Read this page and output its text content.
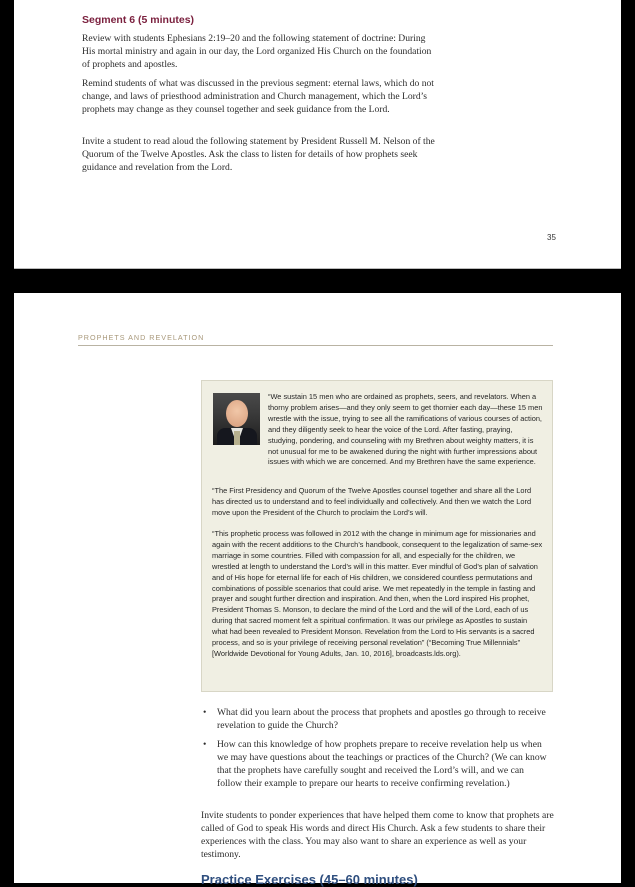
Segment 6 (5 minutes)

Review with students Ephesians 2:19–20 and the following statement of doctrine: During His mortal ministry and again in our day, the Lord organized His Church on the foundation of prophets and apostles.

Remind students of what was discussed in the previous segment: eternal laws, which do not change, and laws of priesthood administration and Church management, which the Lord’s prophets may change as they counsel together and seek guidance from the Lord.

Invite a student to read aloud the following statement by President Russell M. Nelson of the Quorum of the Twelve Apostles. Ask the class to listen for details of how prophets seek guidance and revelation from the Lord.

35
PROPHETS AND REVELATION

“We sustain 15 men who are ordained as prophets, seers, and revelators. When a thorny problem arises—and they only seem to get thornier each day—these 15 men wrestle with the issue, trying to see all the ramifications of various courses of action, and they diligently seek to hear the voice of the Lord. After fasting, praying, studying, pondering, and counseling with my Brethren about weighty matters, it is not unusual for me to be awakened during the night with further impressions about issues with which we are concerned. And my Brethren have the same experience.

“The First Presidency and Quorum of the Twelve Apostles counsel together and share all the Lord has directed us to understand and to feel individually and collectively. And then we watch the Lord move upon the President of the Church to proclaim the Lord’s will.

“This prophetic process was followed in 2012 with the change in minimum age for missionaries and again with the recent additions to the Church’s handbook, consequent to the legalization of same-sex marriage in some countries. Filled with compassion for all, and especially for the children, we wrestled at length to understand the Lord’s will in this matter. Ever mindful of God’s plan of salvation and of His hope for eternal life for each of His children, we considered countless permutations and combinations of possible scenarios that could arise. We met repeatedly in the temple in fasting and prayer and sought further direction and inspiration. And then, when the Lord inspired His prophet, President Thomas S. Monson, to declare the mind of the Lord and the will of the Lord, each of us during that sacred moment felt a spiritual confirmation. It was our privilege as Apostles to sustain what had been revealed to President Monson. Revelation from the Lord to His servants is a sacred process, and so is your privilege of receiving personal revelation” (“Becoming True Millennials” [Worldwide Devotional for Young Adults, Jan. 10, 2016], broadcasts.lds.org).

• What did you learn about the process that prophets and apostles go through to receive revelation to guide the Church?
• How can this knowledge of how prophets prepare to receive revelation help us when we may have questions about the teachings or practices of the Church? (We can know that the prophets have carefully sought and received the Lord’s will, and we can follow their example to prepare our hearts to receive confirming revelation.)

Invite students to ponder experiences that have helped them come to know that prophets are called of God to speak His words and direct His Church. Ask a few students to share their experiences with the class. You may also want to share an experience as well as your testimony.

Practice Exercises (45–60 minutes)
